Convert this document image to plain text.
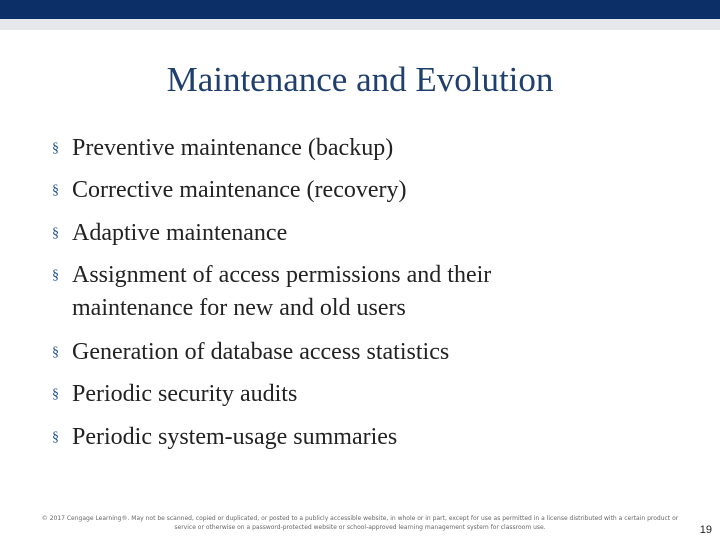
Maintenance and Evolution
§ Preventive maintenance (backup)
§ Corrective maintenance (recovery)
§ Adaptive maintenance
§ Assignment of access permissions and their maintenance for new and old users
§ Generation of database access statistics
§ Periodic security audits
§ Periodic system-usage summaries
© 2017 Cengage Learning®. May not be scanned, copied or duplicated, or posted to a publicly accessible website, in whole or in part, except for use as permitted in a license distributed with a certain product or service or otherwise on a password-protected website or school-approved learning management system for classroom use.	19
